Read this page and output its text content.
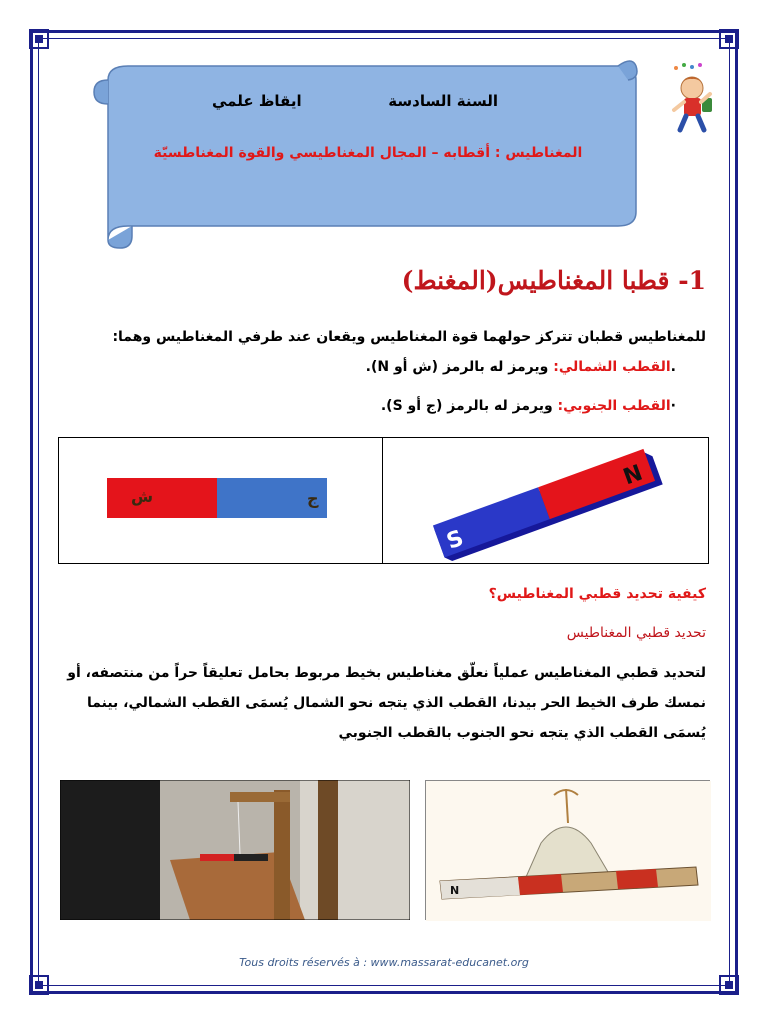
السنة السادسة
ايقاظ علمي
المغناطيس : أقطابه – المجال المغناطيسي والقوة المغناطسيّة
1- قطبا المغناطيس(المغنط)
للمغناطيس قطبان تتركز حولهما قوة المغناطيس ويقعان عند طرفي المغناطيس وهما:
.القطب الشمالي: ويرمز له بالرمز (ش أو N).
·القطب الجنوبي: ويرمز له بالرمز (ج أو S).
ش	ج
S
N
كيفية تحديد قطبي المغناطيس؟
تحديد قطبي المغناطيس
لتحديد قطبي المغناطيس عملياً نعلّق مغناطيس بخيط مربوط بحامل تعليقاً حراً من منتصفه، أو نمسك طرف الخيط الحر بيدنا، القطب الذي يتجه نحو الشمال يُسمَى القطب الشمالي، بينما يُسمَى القطب الذي يتجه نحو الجنوب بالقطب الجنوبي
N
Tous droits réservés à : www.massarat-educanet.org
